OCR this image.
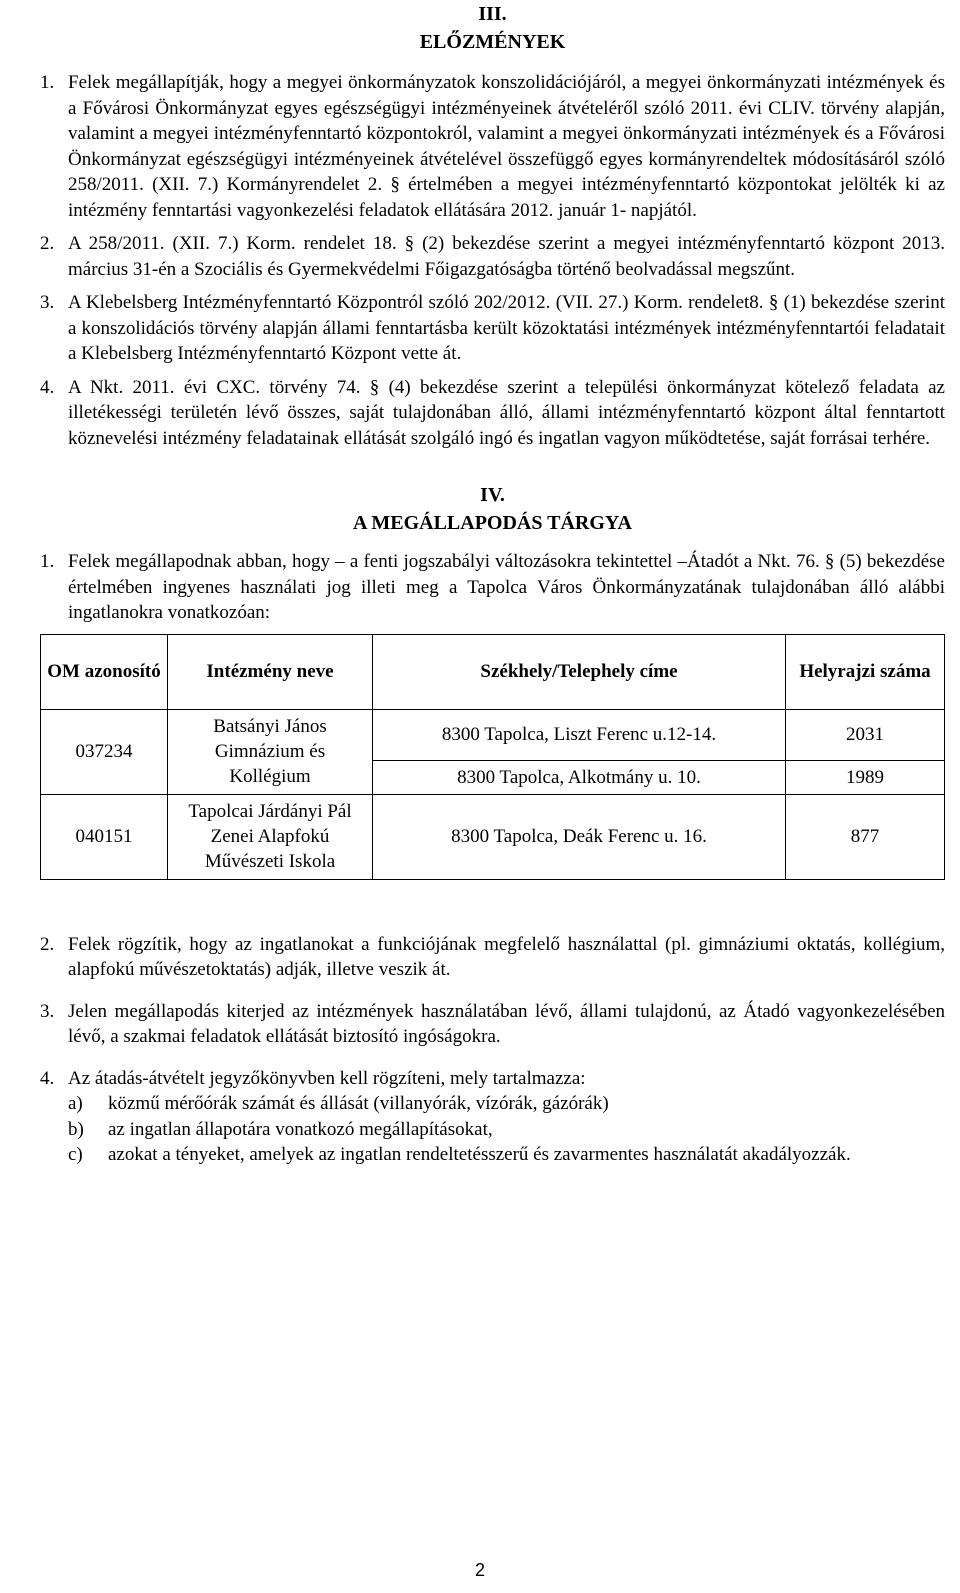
III.
ELŐZMÉNYEK
1. Felek megállapítják, hogy a megyei önkormányzatok konszolidációjáról, a megyei önkormányzati intézmények és a Fővárosi Önkormányzat egyes egészségügyi intézményeinek átvételéről szóló 2011. évi CLIV. törvény alapján, valamint a megyei intézményfenntartó központokról, valamint a megyei önkormányzati intézmények és a Fővárosi Önkormányzat egészségügyi intézményeinek átvételével összefüggő egyes kormányrendeltek módosításáról szóló 258/2011. (XII. 7.) Kormányrendelet 2. § értelmében a megyei intézményfenntartó központokat jelölték ki az intézmény fenntartási vagyonkezelési feladatok ellátására 2012. január 1- napjától.
2. A 258/2011. (XII. 7.) Korm. rendelet 18. § (2) bekezdése szerint a megyei intézményfenntartó központ 2013. március 31-én a Szociális és Gyermekvédelmi Főigazgatóságba történő beolvadással megszűnt.
3. A Klebelsberg Intézményfenntartó Központról szóló 202/2012. (VII. 27.) Korm. rendelet8. § (1) bekezdése szerint a konszolidációs törvény alapján állami fenntartásba került közoktatási intézmények intézményfenntartói feladatait a Klebelsberg Intézményfenntartó Központ vette át.
4. A Nkt. 2011. évi CXC. törvény 74. § (4) bekezdése szerint a települési önkormányzat kötelező feladata az illetékességi területén lévő összes, saját tulajdonában álló, állami intézményfenntartó központ által fenntartott köznevelési intézmény feladatainak ellátását szolgáló ingó és ingatlan vagyon működtetése, saját forrásai terhére.
IV.
A MEGÁLLAPODÁS TÁRGYA
1. Felek megállapodnak abban, hogy – a fenti jogszabályi változásokra tekintettel –Átadót a Nkt. 76. § (5) bekezdése értelmében ingyenes használati jog illeti meg a Tapolca Város Önkormányzatának tulajdonában álló alábbi ingatlanokra vonatkozóan:
OM azonosító	Intézmény neve	Székhely/Telephely címe	Helyrajzi száma
037234	Batsányi János Gimnázium és Kollégium	8300 Tapolca, Liszt Ferenc u.12-14.	2031
		8300 Tapolca, Alkotmány u. 10.	1989
040151	Tapolcai Járdányi Pál Zenei Alapfokú Művészeti Iskola	8300 Tapolca, Deák Ferenc u. 16.	877
2. Felek rögzítik, hogy az ingatlanokat a funkciójának megfelelő használattal (pl. gimnáziumi oktatás, kollégium, alapfokú művészetoktatás) adják, illetve veszik át.
3. Jelen megállapodás kiterjed az intézmények használatában lévő, állami tulajdonú, az Átadó vagyonkezelésében lévő, a szakmai feladatok ellátását biztosító ingóságokra.
4. Az átadás-átvételt jegyzőkönyvben kell rögzíteni, mely tartalmazza:
a) közmű mérőórák számát és állását (villanyórák, vízórák, gázórák)
b) az ingatlan állapotára vonatkozó megállapításokat,
c) azokat a tényeket, amelyek az ingatlan rendeltetésszerű és zavarmentes használatát akadályozzák.
2
